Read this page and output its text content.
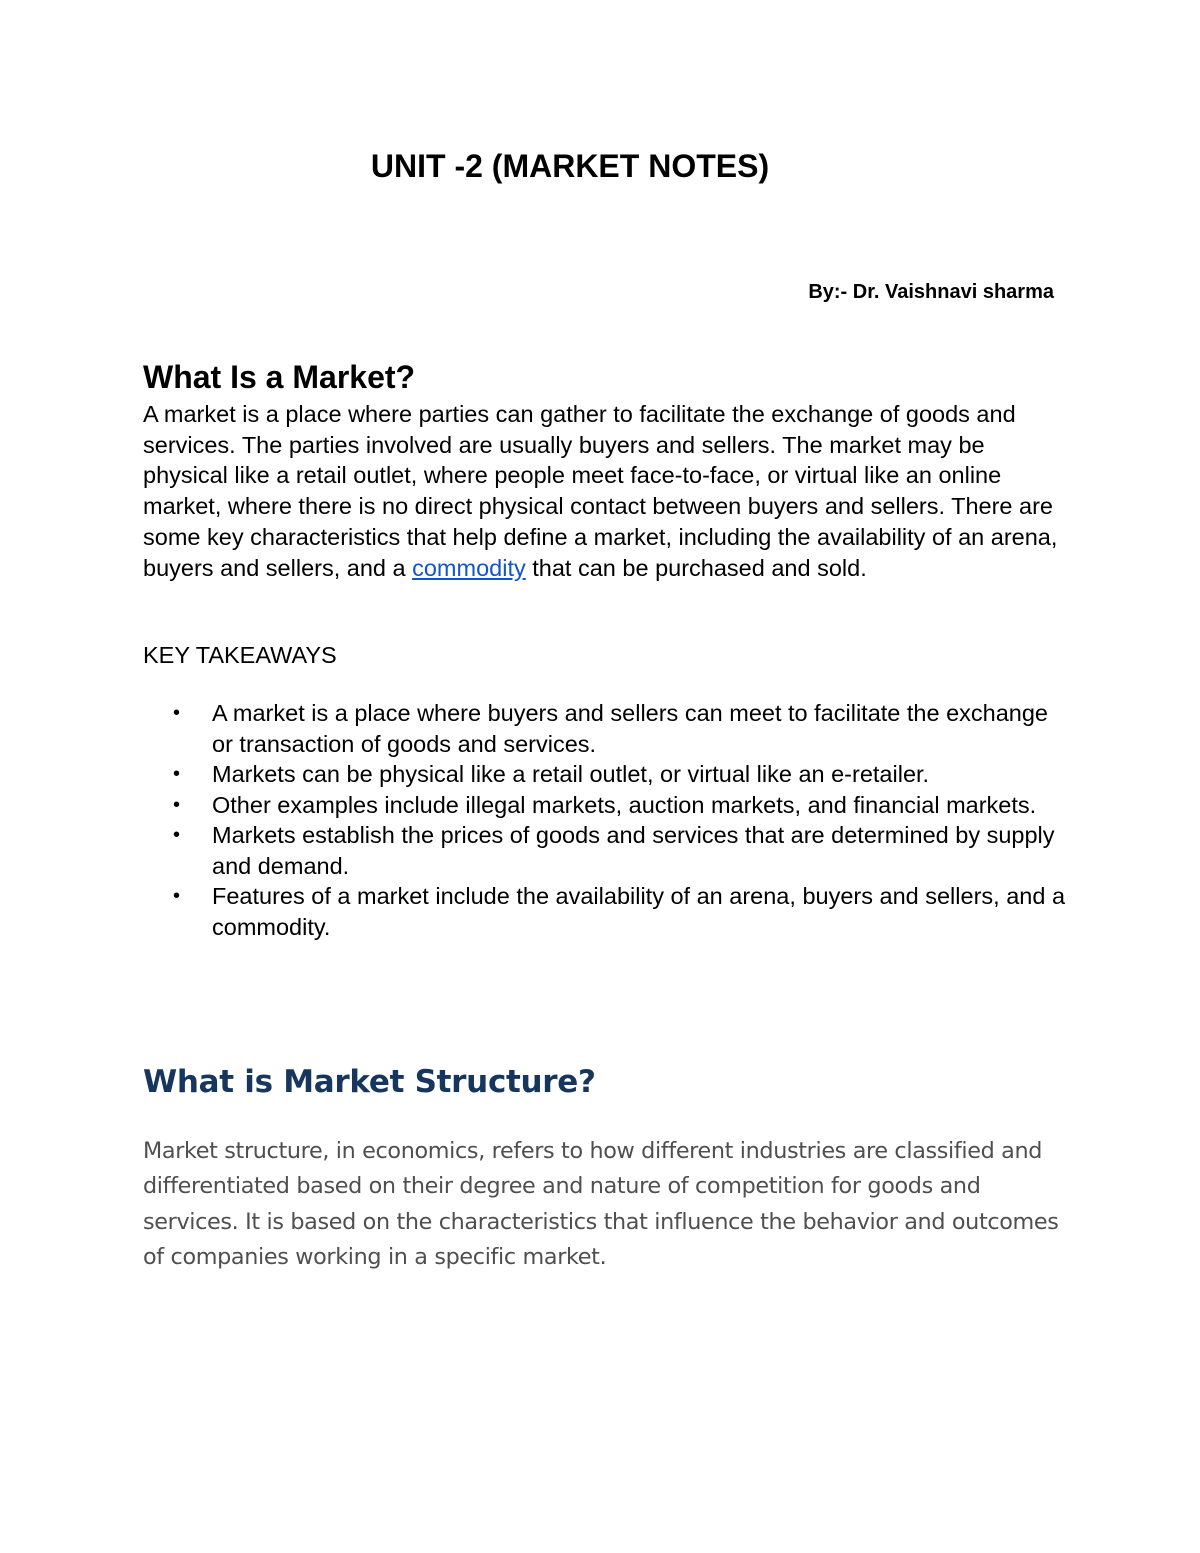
UNIT -2 (MARKET NOTES)

By:- Dr. Vaishnavi sharma

What Is a Market?

A market is a place where parties can gather to facilitate the exchange of goods and services. The parties involved are usually buyers and sellers. The market may be physical like a retail outlet, where people meet face-to-face, or virtual like an online market, where there is no direct physical contact between buyers and sellers. There are some key characteristics that help define a market, including the availability of an arena, buyers and sellers, and a commodity that can be purchased and sold.

KEY TAKEAWAYS

• A market is a place where buyers and sellers can meet to facilitate the exchange or transaction of goods and services.
• Markets can be physical like a retail outlet, or virtual like an e-retailer.
• Other examples include illegal markets, auction markets, and financial markets.
• Markets establish the prices of goods and services that are determined by supply and demand.
• Features of a market include the availability of an arena, buyers and sellers, and a commodity.
What is Market Structure?

Market structure, in economics, refers to how different industries are classified and differentiated based on their degree and nature of competition for goods and services. It is based on the characteristics that influence the behavior and outcomes of companies working in a specific market.
